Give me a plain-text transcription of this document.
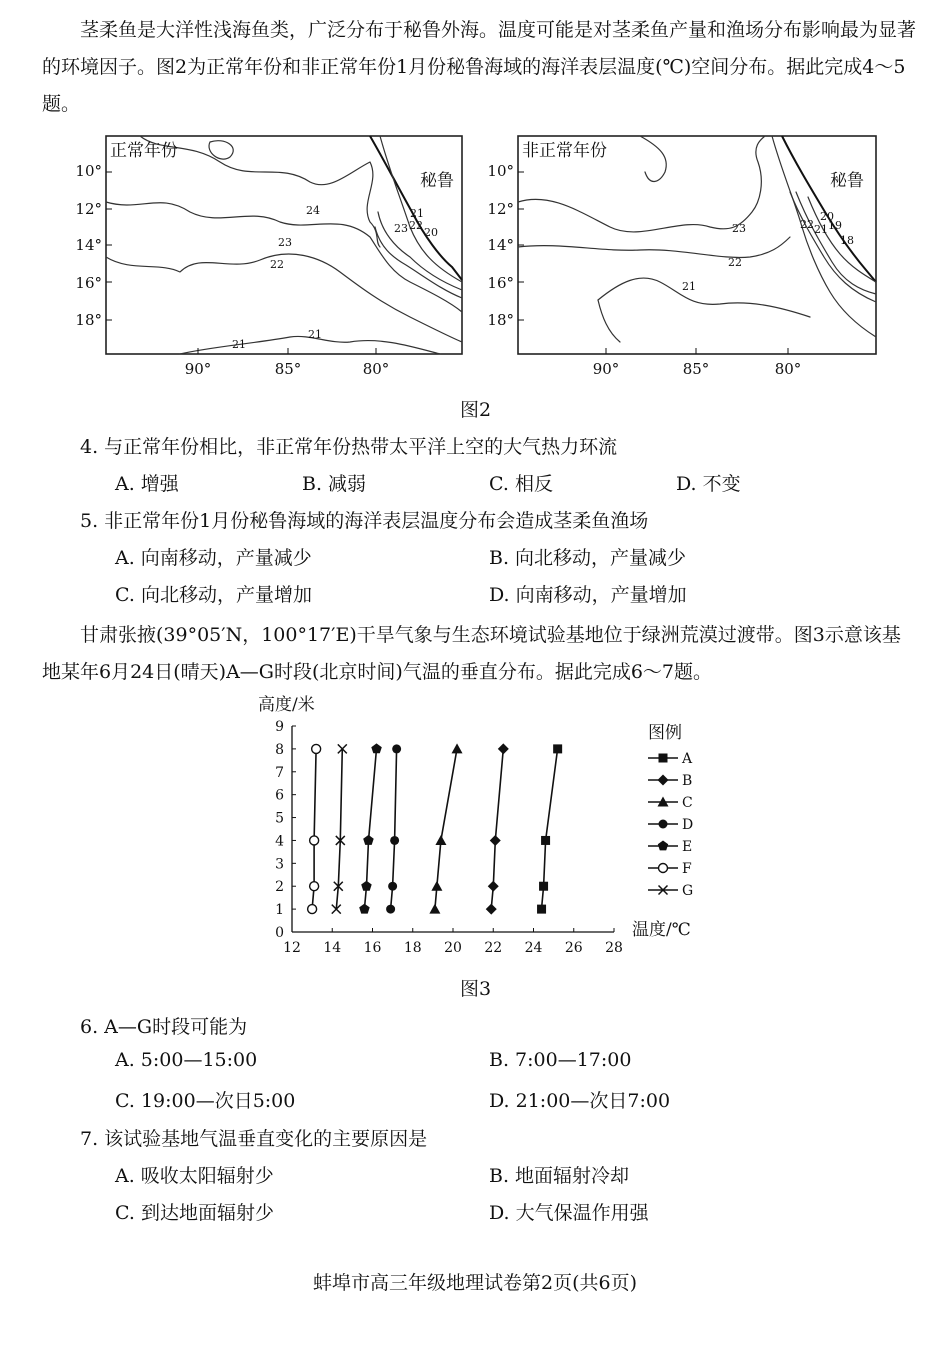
茎柔鱼是大洋性浅海鱼类，广泛分布于秘鲁外海。温度可能是对茎柔鱼产量和渔场分布影响最为显著的环境因子。图2为正常年份和非正常年份1月份秘鲁海域的海洋表层温度(℃)空间分布。据此完成4～5题。
正常年份
秘鲁
10°
12°
14°
16°
18°
90°	85°	80°
24
23
22
21
21
23 22
21
20
非正常年份
秘鲁
10°
12°
14°
16°
18°
90°	85°	80°
23
22
21
22 21
20
19
18
图2
4. 与正常年份相比，非正常年份热带太平洋上空的大气热力环流
A. 增强	B. 减弱	C. 相反	D. 不变
5. 非正常年份1月份秘鲁海域的海洋表层温度分布会造成茎柔鱼渔场
A. 向南移动，产量减少	B. 向北移动，产量减少
C. 向北移动，产量增加	D. 向南移动，产量增加
甘肃张掖(39°05′N，100°17′E)干旱气象与生态环境试验基地位于绿洲荒漠过渡带。图3示意该基地某年6月24日(晴天)A—G时段(北京时间)气温的垂直分布。据此完成6～7题。
高度/米
温度/℃
图例
12 14 16 18 20 22 24 26 28
0
1
2
3
4
5
6
7
8
9
A
B
C
D
E
F
G
图3
6. A—G时段可能为
A. 5:00—15:00	B. 7:00—17:00
C. 19:00—次日5:00	D. 21:00—次日7:00
7. 该试验基地气温垂直变化的主要原因是
A. 吸收太阳辐射少	B. 地面辐射冷却
C. 到达地面辐射少	D. 大气保温作用强
蚌埠市高三年级地理试卷第2页(共6页)
